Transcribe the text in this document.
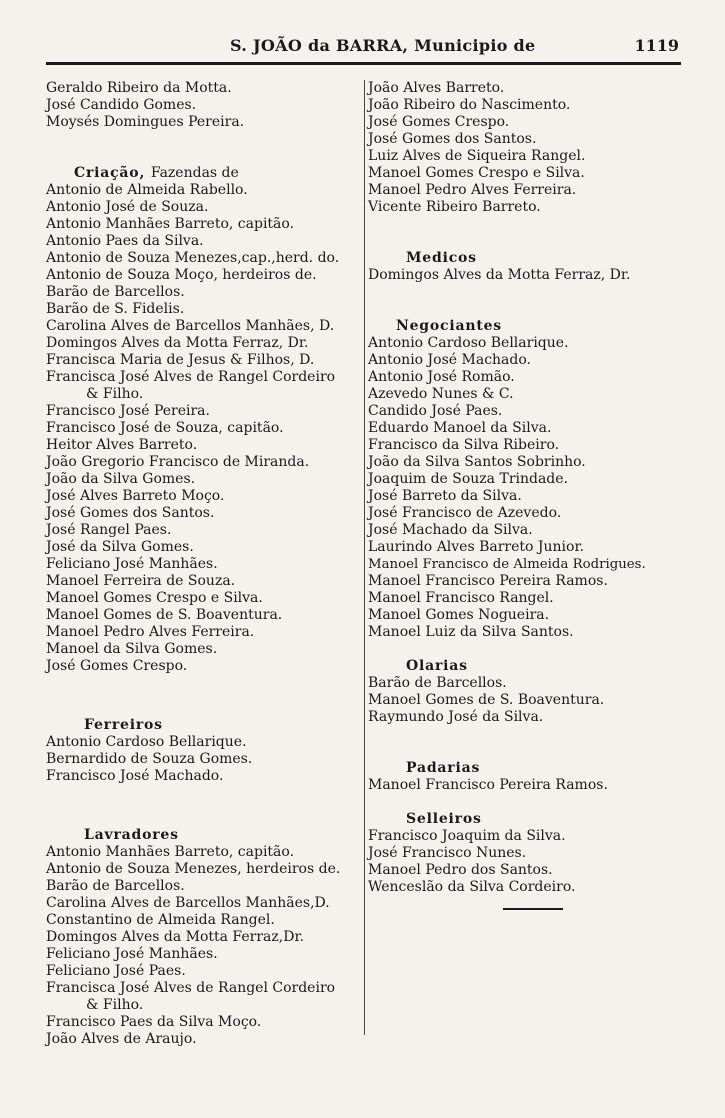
S. JOÃO da BARRA, Municipio de	1119
Geraldo Ribeiro da Motta.
José Candido Gomes.
Moysés Domingues Pereira.
Criação, Fazendas de
Antonio de Almeida Rabello.
Antonio José de Souza.
Antonio Manhães Barreto, capitão.
Antonio Paes da Silva.
Antonio de Souza Menezes,cap.,herd. do.
Antonio de Souza Moço, herdeiros de.
Barão de Barcellos.
Barão de S. Fidelis.
Carolina Alves de Barcellos Manhães, D.
Domingos Alves da Motta Ferraz, Dr.
Francisca Maria de Jesus & Filhos, D.
Francisca José Alves de Rangel Cordeiro
& Filho.
Francisco José Pereira.
Francisco José de Souza, capitão.
Heitor Alves Barreto.
João Gregorio Francisco de Miranda.
João da Silva Gomes.
José Alves Barreto Moço.
José Gomes dos Santos.
José Rangel Paes.
José da Silva Gomes.
Feliciano José Manhães.
Manoel Ferreira de Souza.
Manoel Gomes Crespo e Silva.
Manoel Gomes de S. Boaventura.
Manoel Pedro Alves Ferreira.
Manoel da Silva Gomes.
José Gomes Crespo.
Ferreiros
Antonio Cardoso Bellarique.
Bernardido de Souza Gomes.
Francisco José Machado.
Lavradores
Antonio Manhães Barreto, capitão.
Antonio de Souza Menezes, herdeiros de.
Barão de Barcellos.
Carolina Alves de Barcellos Manhães,D.
Constantino de Almeida Rangel.
Domingos Alves da Motta Ferraz,Dr.
Feliciano José Manhães.
Feliciano José Paes.
Francisca José Alves de Rangel Cordeiro
& Filho.
Francisco Paes da Silva Moço.
João Alves de Araujo.
João Alves Barreto.
João Ribeiro do Nascimento.
José Gomes Crespo.
José Gomes dos Santos.
Luiz Alves de Siqueira Rangel.
Manoel Gomes Crespo e Silva.
Manoel Pedro Alves Ferreira.
Vicente Ribeiro Barreto.
Medicos
Domingos Alves da Motta Ferraz, Dr.
Negociantes
Antonio Cardoso Bellarique.
Antonio José Machado.
Antonio José Romão.
Azevedo Nunes & C.
Candido José Paes.
Eduardo Manoel da Silva.
Francisco da Silva Ribeiro.
João da Silva Santos Sobrinho.
Joaquim de Souza Trindade.
José Barreto da Silva.
José Francisco de Azevedo.
José Machado da Silva.
Laurindo Alves Barreto Junior.
Manoel Francisco de Almeida Rodrigues.
Manoel Francisco Pereira Ramos.
Manoel Francisco Rangel.
Manoel Gomes Nogueira.
Manoel Luiz da Silva Santos.
Olarias
Barão de Barcellos.
Manoel Gomes de S. Boaventura.
Raymundo José da Silva.
Padarias
Manoel Francisco Pereira Ramos.
Selleiros
Francisco Joaquim da Silva.
José Francisco Nunes.
Manoel Pedro dos Santos.
Wenceslão da Silva Cordeiro.
